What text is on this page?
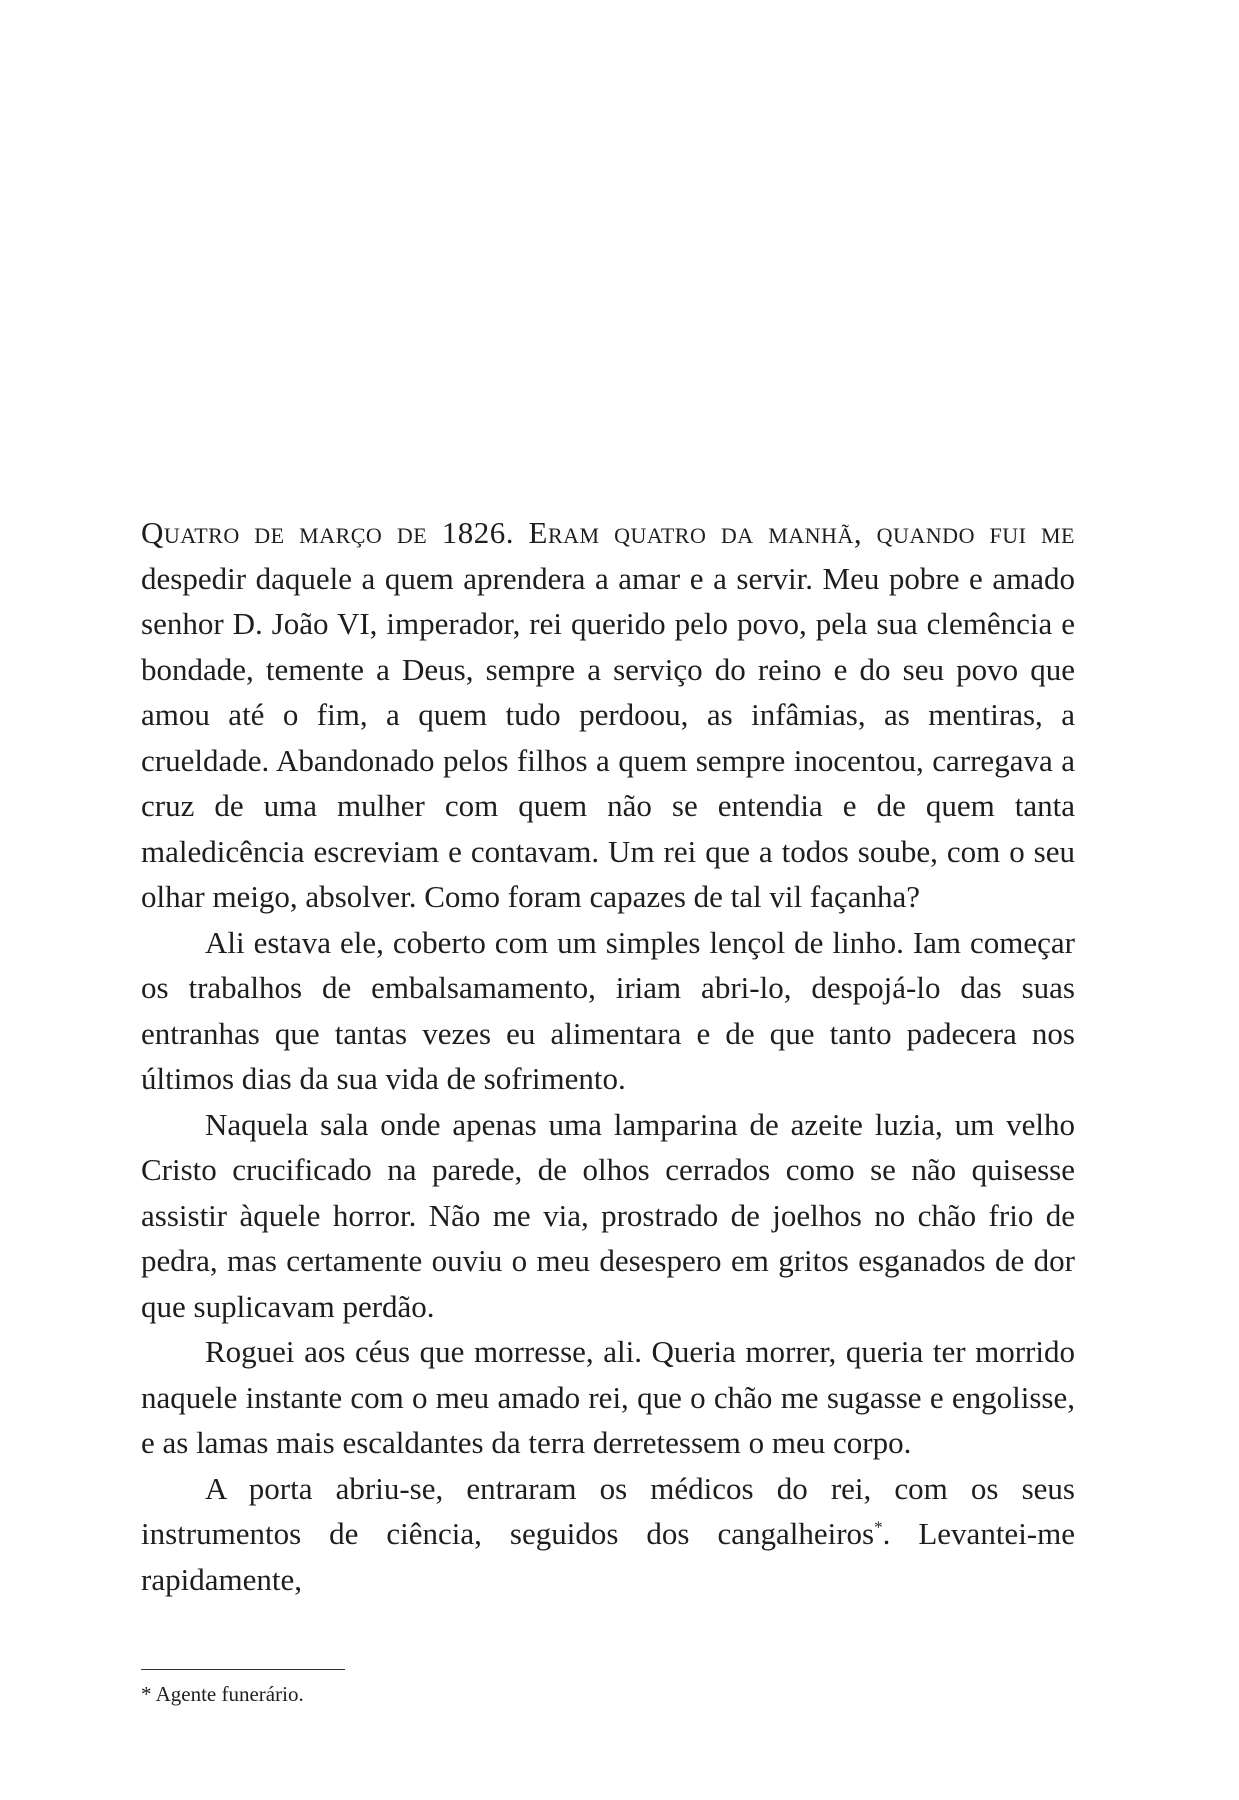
Quatro de março de 1826. Eram quatro da manhã, quando fui me despedir daquele a quem aprendera a amar e a servir. Meu pobre e amado senhor D. João VI, imperador, rei querido pelo povo, pela sua clemência e bondade, temente a Deus, sempre a serviço do reino e do seu povo que amou até o fim, a quem tudo perdoou, as infâmias, as mentiras, a crueldade. Abandonado pelos filhos a quem sempre inocentou, carregava a cruz de uma mulher com quem não se entendia e de quem tanta maledicência escreviam e contavam. Um rei que a todos soube, com o seu olhar meigo, absolver. Como foram capazes de tal vil façanha?

Ali estava ele, coberto com um simples lençol de linho. Iam começar os trabalhos de embalsamamento, iriam abri-lo, despojá-lo das suas entranhas que tantas vezes eu alimentara e de que tanto padecera nos últimos dias da sua vida de sofrimento.

Naquela sala onde apenas uma lamparina de azeite luzia, um velho Cristo crucificado na parede, de olhos cerrados como se não quisesse assistir àquele horror. Não me via, prostrado de joelhos no chão frio de pedra, mas certamente ouviu o meu desespero em gritos esganados de dor que suplicavam perdão.

Roguei aos céus que morresse, ali. Queria morrer, queria ter morrido naquele instante com o meu amado rei, que o chão me sugasse e engolisse, e as lamas mais escaldantes da terra derretessem o meu corpo.

A porta abriu-se, entraram os médicos do rei, com os seus instrumentos de ciência, seguidos dos cangalheiros*. Levantei-me rapidamente,

* Agente funerário.
